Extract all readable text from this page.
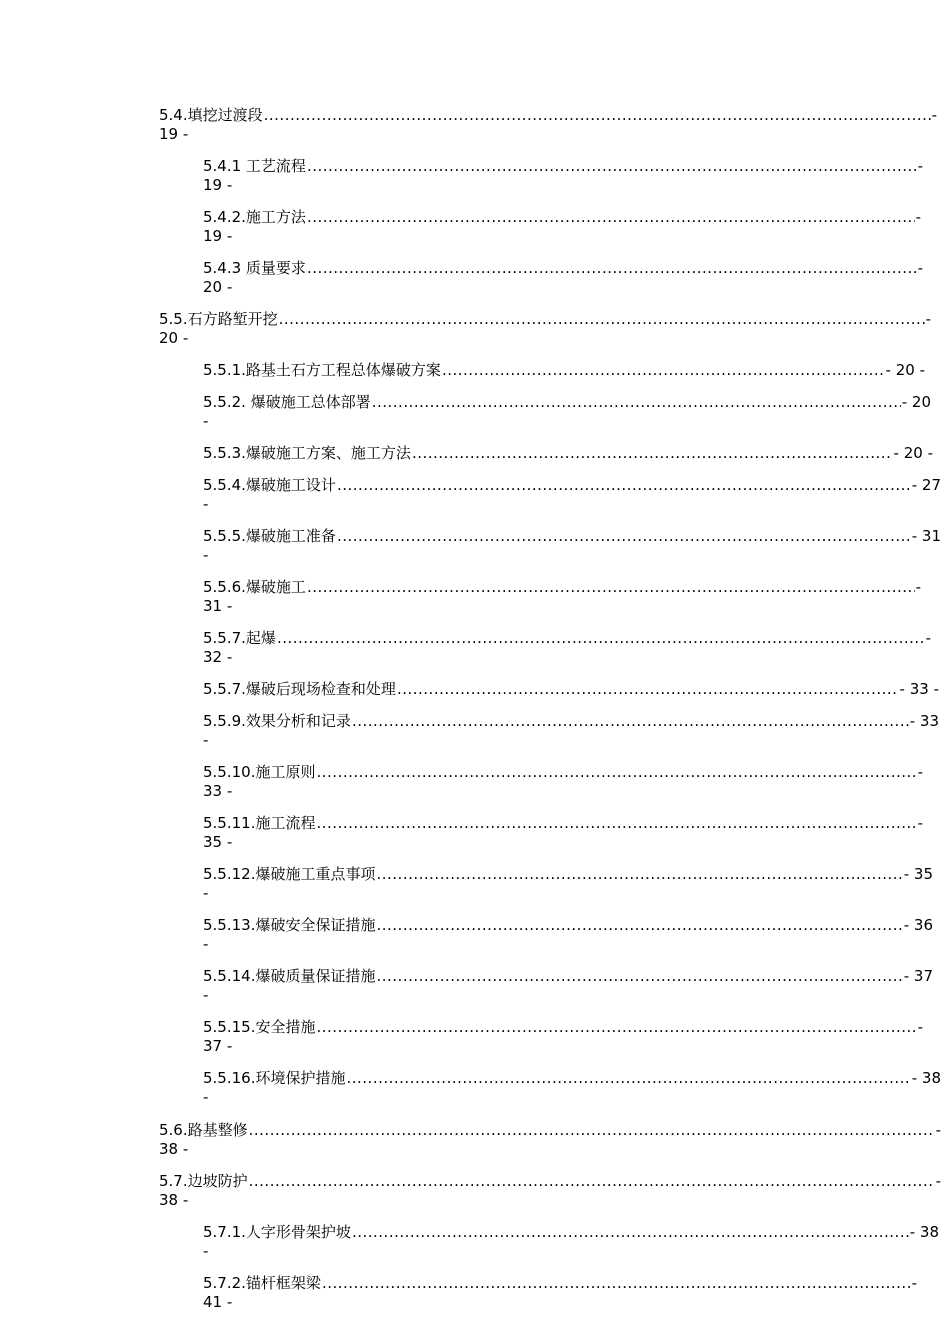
5.4.填挖过渡段 .....	-
19 -
5.4.1 工艺流程 .....	-
19 -
5.4.2.施工方法 .....	-
19 -
5.4.3 质量要求 .....	-
20 -
5.5.石方路堑开挖 .....	-
20 -
5.5.1.路基土石方工程总体爆破方案 .....	- 20 -
5.5.2. 爆破施工总体部署 .....	- 20
-
5.5.3.爆破施工方案、施工方法 .....	- 20 -
5.5.4.爆破施工设计 .....	- 27
-
5.5.5.爆破施工准备 .....	- 31
-
5.5.6.爆破施工 .....	-
31 -
5.5.7.起爆 .....	-
32 -
5.5.7.爆破后现场检查和处理 .....	- 33 -
5.5.9.效果分析和记录 .....	- 33
-
5.5.10.施工原则 .....	-
33 -
5.5.11.施工流程 .....	-
35 -
5.5.12.爆破施工重点事项 .....	- 35
-
5.5.13.爆破安全保证措施 .....	- 36
-
5.5.14.爆破质量保证措施 .....	- 37
-
5.5.15.安全措施 .....	-
37 -
5.5.16.环境保护措施 .....	- 38
-
5.6.路基整修 .....	-
38 -
5.7.边坡防护 .....	-
38 -
5.7.1.人字形骨架护坡 .....	- 38
-
5.7.2.锚杆框架梁 .....	-
41 -
